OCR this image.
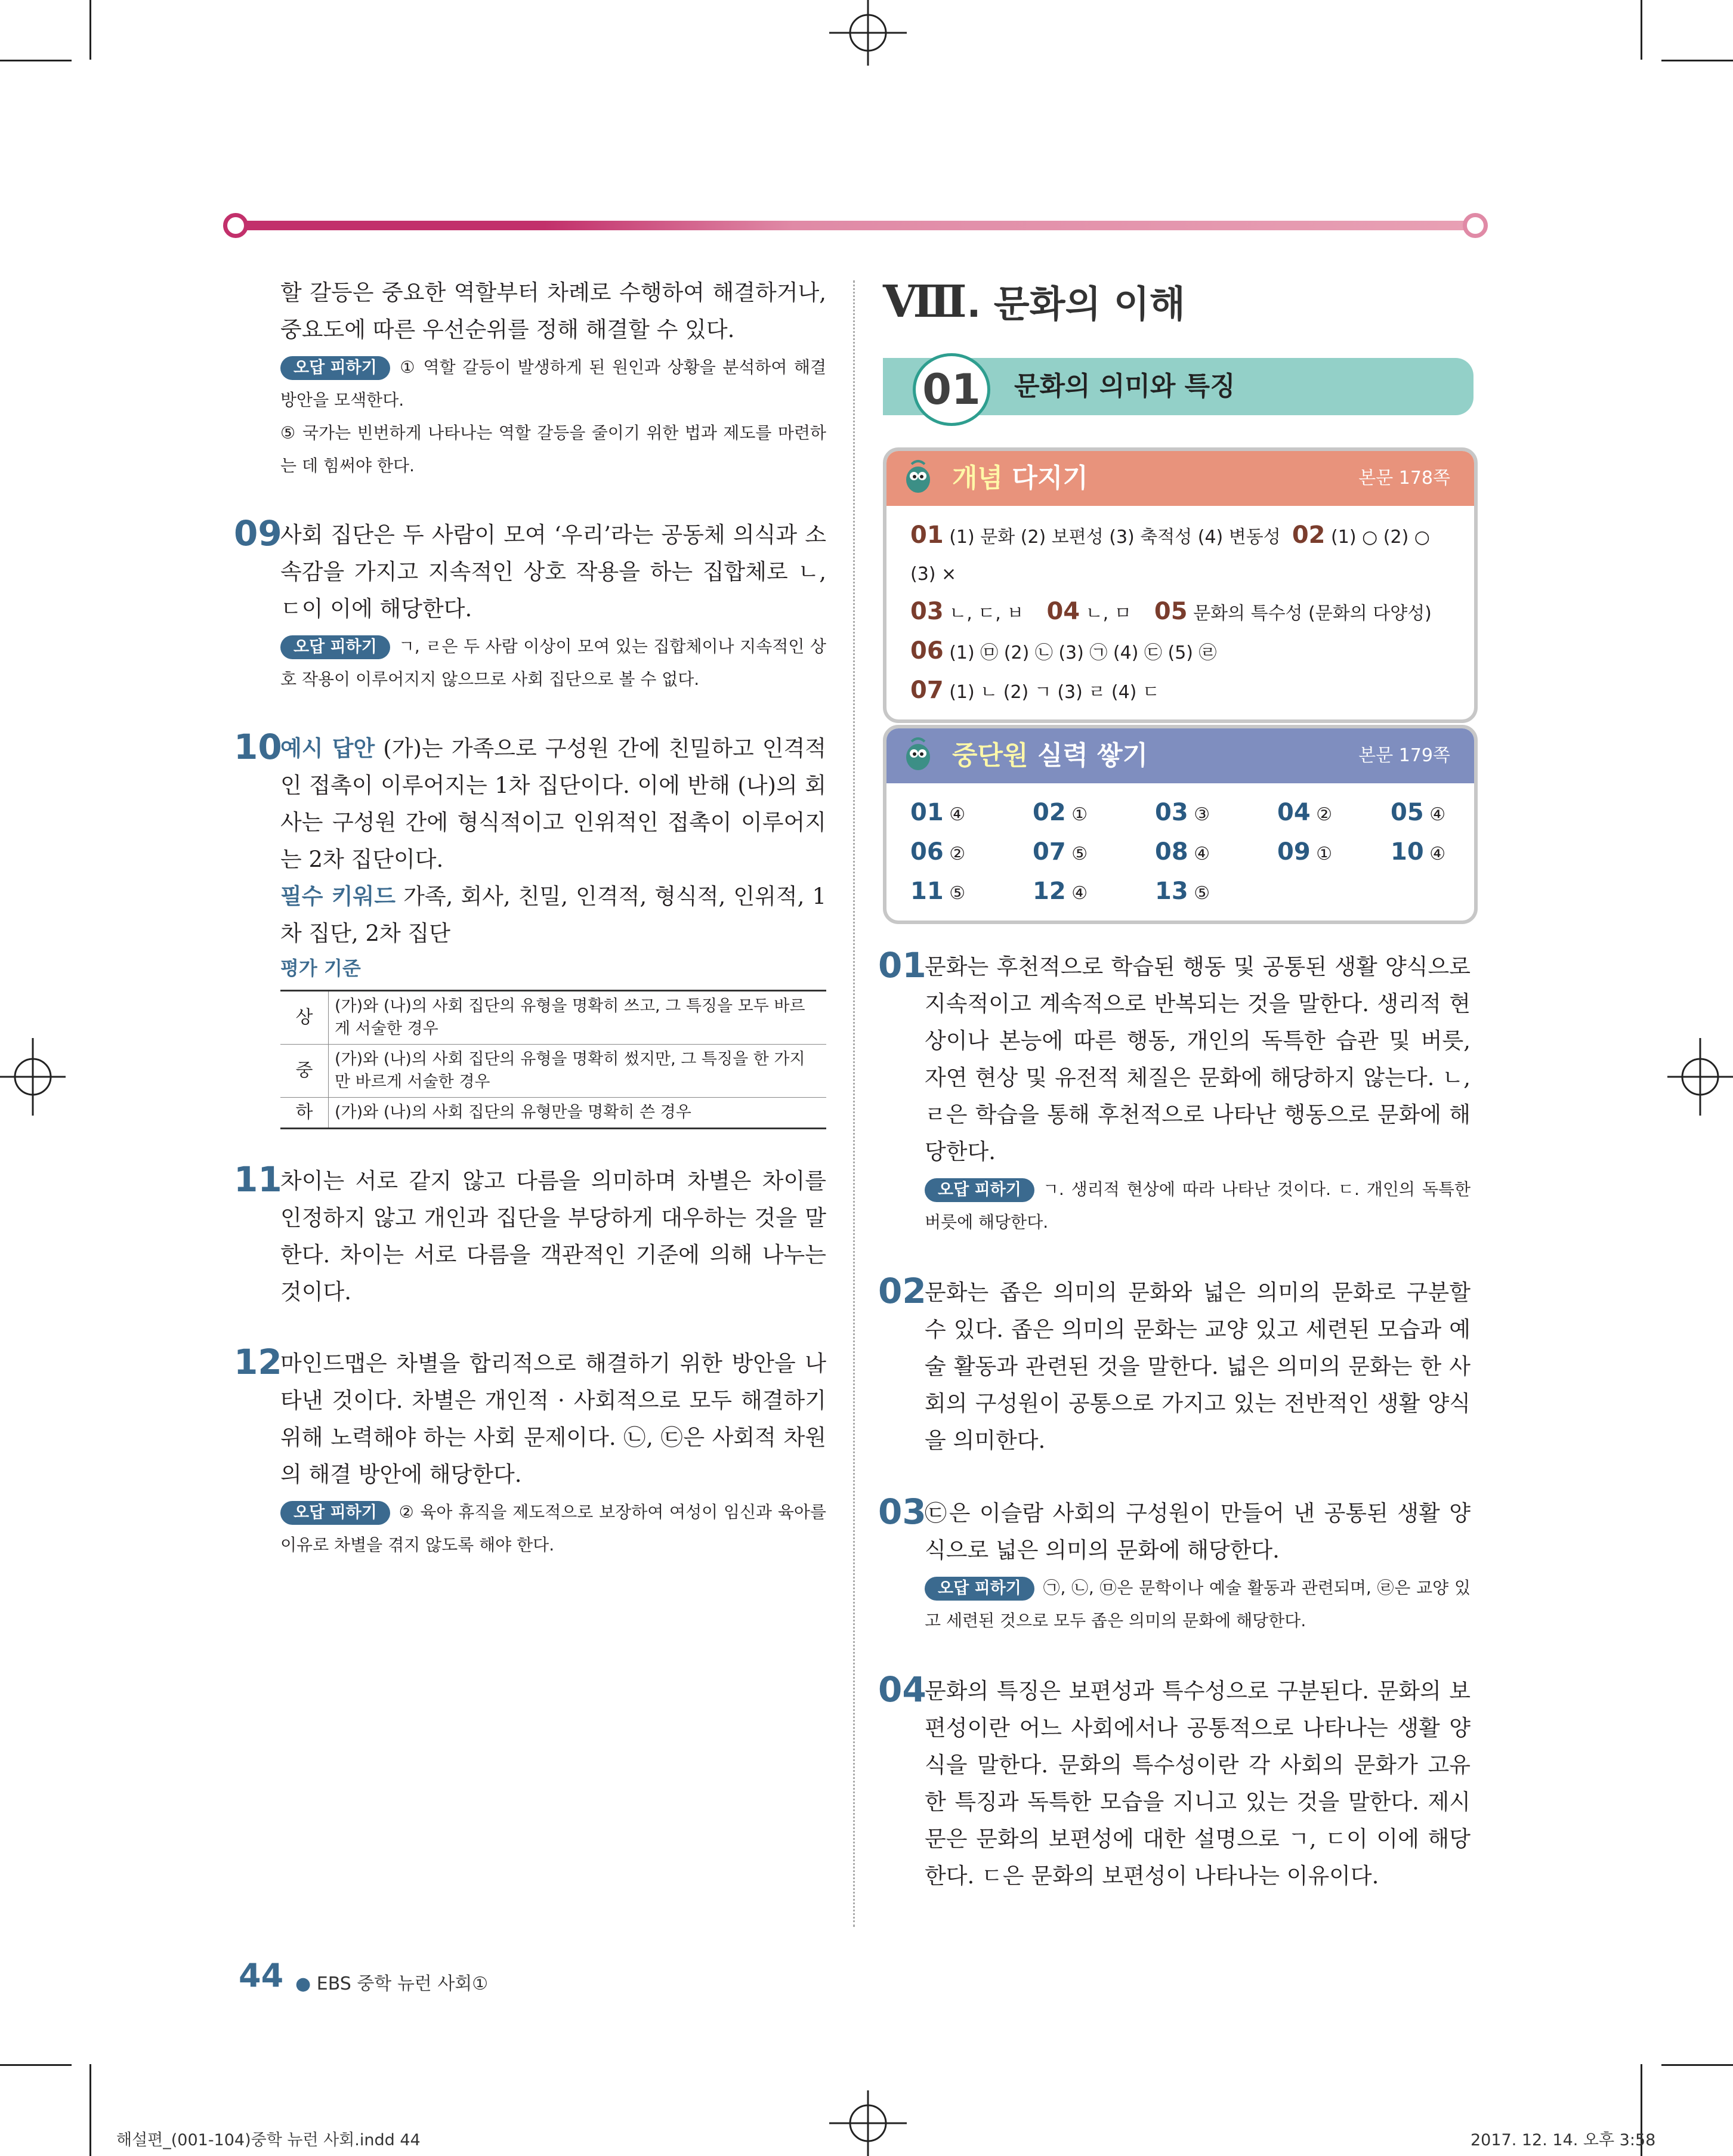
할 갈등은 중요한 역할부터 차례로 수행하여 해결하거나, 중요도에 따른 우선순위를 정해 해결할 수 있다.

오답 피하기 ① 역할 갈등이 발생하게 된 원인과 상황을 분석하여 해결 방안을 모색한다.

⑤ 국가는 빈번하게 나타나는 역할 갈등을 줄이기 위한 법과 제도를 마련하는 데 힘써야 한다.

09

사회 집단은 두 사람이 모여 ‘우리’라는 공동체 의식과 소속감을 가지고 지속적인 상호 작용을 하는 집합체로 ㄴ, ㄷ이 이에 해당한다.

오답 피하기 ㄱ, ㄹ은 두 사람 이상이 모여 있는 집합체이나 지속적인 상호 작용이 이루어지지 않으므로 사회 집단으로 볼 수 없다.

10

예시 답안 (가)는 가족으로 구성원 간에 친밀하고 인격적인 접촉이 이루어지는 1차 집단이다. 이에 반해 (나)의 회사는 구성원 간에 형식적이고 인위적인 접촉이 이루어지는 2차 집단이다.

필수 키워드 가족, 회사, 친밀, 인격적, 형식적, 인위적, 1차 집단, 2차 집단

평가 기준

상	(가)와 (나)의 사회 집단의 유형을 명확히 쓰고, 그 특징을 모두 바르게 서술한 경우
중	(가)와 (나)의 사회 집단의 유형을 명확히 썼지만, 그 특징을 한 가지만 바르게 서술한 경우
하	(가)와 (나)의 사회 집단의 유형만을 명확히 쓴 경우
11

차이는 서로 같지 않고 다름을 의미하며 차별은 차이를 인정하지 않고 개인과 집단을 부당하게 대우하는 것을 말한다. 차이는 서로 다름을 객관적인 기준에 의해 나누는 것이다.

12

마인드맵은 차별을 합리적으로 해결하기 위한 방안을 나타낸 것이다. 차별은 개인적 · 사회적으로 모두 해결하기 위해 노력해야 하는 사회 문제이다. ㉡, ㉢은 사회적 차원의 해결 방안에 해당한다.

오답 피하기 ② 육아 휴직을 제도적으로 보장하여 여성이 임신과 육아를 이유로 차별을 겪지 않도록 해야 한다.

Ⅷ. 문화의 이해
01	문화의 의미와 특징
개념 다지기	본문 178쪽
01 (1) 문화 (2) 보편성 (3) 축적성 (4) 변동성 02 (1) ○ (2) ○ (3) ×
03 ㄴ, ㄷ, ㅂ 04 ㄴ, ㅁ 05 문화의 특수성 (문화의 다양성)
06 (1) ㉤ (2) ㉡ (3) ㉠ (4) ㉢ (5) ㉣
07 (1) ㄴ (2) ㄱ (3) ㄹ (4) ㄷ
중단원 실력 쌓기	본문 179쪽
01 ④	02 ①	03 ③	04 ②	05 ④
06 ②	07 ⑤	08 ④	09 ①	10 ④
11 ⑤	12 ④	13 ⑤
01

문화는 후천적으로 학습된 행동 및 공통된 생활 양식으로 지속적이고 계속적으로 반복되는 것을 말한다. 생리적 현상이나 본능에 따른 행동, 개인의 독특한 습관 및 버릇, 자연 현상 및 유전적 체질은 문화에 해당하지 않는다. ㄴ, ㄹ은 학습을 통해 후천적으로 나타난 행동으로 문화에 해당한다.

오답 피하기 ㄱ. 생리적 현상에 따라 나타난 것이다. ㄷ. 개인의 독특한 버릇에 해당한다.

02

문화는 좁은 의미의 문화와 넓은 의미의 문화로 구분할 수 있다. 좁은 의미의 문화는 교양 있고 세련된 모습과 예술 활동과 관련된 것을 말한다. 넓은 의미의 문화는 한 사회의 구성원이 공통으로 가지고 있는 전반적인 생활 양식을 의미한다.

03

㉢은 이슬람 사회의 구성원이 만들어 낸 공통된 생활 양식으로 넓은 의미의 문화에 해당한다.

오답 피하기 ㉠, ㉡, ㉤은 문학이나 예술 활동과 관련되며, ㉣은 교양 있고 세련된 것으로 모두 좁은 의미의 문화에 해당한다.

04

문화의 특징은 보편성과 특수성으로 구분된다. 문화의 보편성이란 어느 사회에서나 공통적으로 나타나는 생활 양식을 말한다. 문화의 특수성이란 각 사회의 문화가 고유한 특징과 독특한 모습을 지니고 있는 것을 말한다. 제시문은 문화의 보편성에 대한 설명으로 ㄱ, ㄷ이 이에 해당한다. ㄷ은 문화의 보편성이 나타나는 이유이다.

44 ● EBS 중학 뉴런 사회①
해설편_(001-104)중학 뉴런 사회.indd 44	2017. 12. 14. 오후 3:58
